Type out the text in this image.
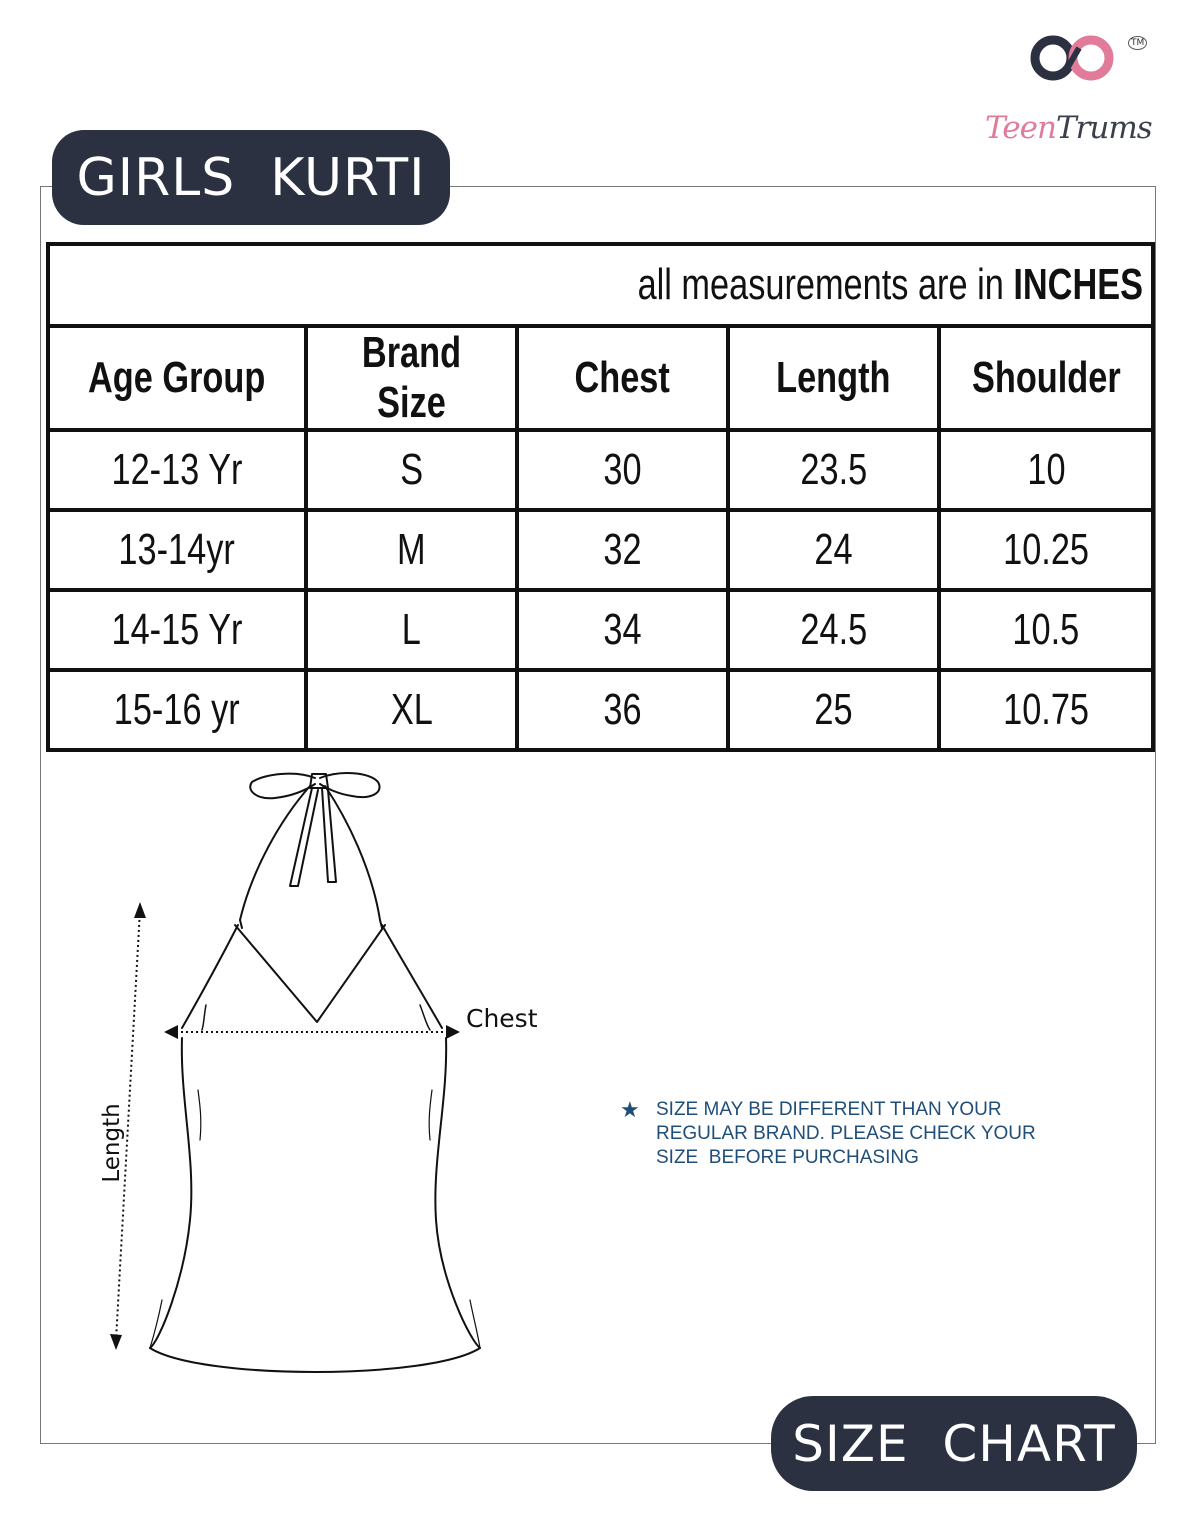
TM
TeenTrums
GIRLS  KURTI
all measurements are in INCHES				
Age Group	Brand Size	Chest	Length	Shoulder
12-13 Yr	S	30	23.5	10
13-14yr	M	32	24	10.25
14-15 Yr	L	34	24.5	10.5
15-16 yr	XL	36	25	10.75
Chest
Length	★ SIZE MAY BE DIFFERENT THAN YOUR
REGULAR BRAND. PLEASE CHECK YOUR
SIZE  BEFORE PURCHASING
SIZE  CHART
